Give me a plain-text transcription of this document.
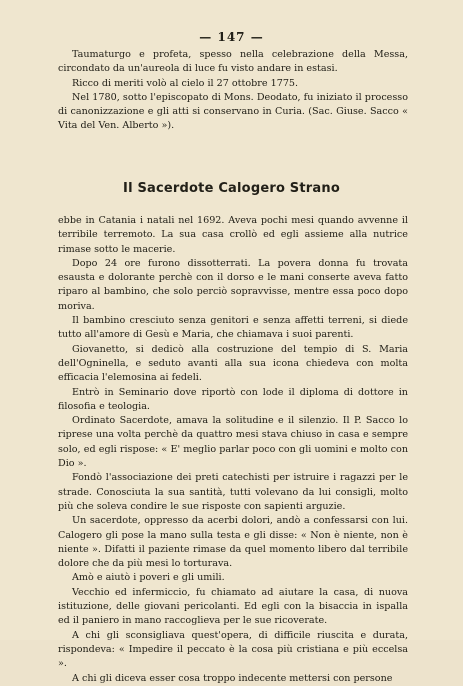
— 147 —

Taumaturgo e profeta, spesso nella celebrazione della Messa, circondato da un'aureola di luce fu visto andare in estasi.

Ricco di meriti volò al cielo il 27 ottobre 1775.

Nel 1780, sotto l'episcopato di Mons. Deodato, fu iniziato il processo di canonizzazione e gli atti si conservano in Curia. (Sac. Giuse. Sacco « Vita del Ven. Alberto »).

Il Sacerdote Calogero Strano

ebbe in Catania i natali nel 1692. Aveva pochi mesi quando avvenne il terribile terremoto. La sua casa crollò ed egli assieme alla nutrice rimase sotto le macerie.

Dopo 24 ore furono dissotterrati. La povera donna fu trovata esausta e dolorante perchè con il dorso e le mani conserte aveva fatto riparo al bambino, che solo perciò sopravvisse, mentre essa poco dopo moriva.

Il bambino cresciuto senza genitori e senza affetti terreni, si diede tutto all'amore di Gesù e Maria, che chiamava i suoi parenti.

Giovanetto, si dedicò alla costruzione del tempio di S. Maria dell'Ogninella, e seduto avanti alla sua icona chiedeva con molta efficacia l'elemosina ai fedeli.

Entrò in Seminario dove riportò con lode il diploma di dottore in filosofia e teologia.

Ordinato Sacerdote, amava la solitudine e il silenzio. Il P. Sacco lo riprese una volta perchè da quattro mesi stava chiuso in casa e sempre solo, ed egli rispose: « E' meglio parlar poco con gli uomini e molto con Dio ».

Fondò l'associazione dei preti catechisti per istruire i ragazzi per le strade. Conosciuta la sua santità, tutti volevano da lui consigli, molto più che soleva condire le sue risposte con sapienti arguzie.

Un sacerdote, oppresso da acerbi dolori, andò a confessarsi con lui. Calogero gli pose la mano sulla testa e gli disse: « Non è niente, non è niente ». Difatti il paziente rimase da quel momento libero dal terribile dolore che da più mesi lo torturava.

Amò e aiutò i poveri e gli umili.

Vecchio ed infermiccio, fu chiamato ad aiutare la casa, di nuova istituzione, delle giovani pericolanti. Ed egli con la bisaccia in ispalla ed il paniero in mano raccoglieva per le sue ricoverate.

A chi gli sconsigliava quest'opera, di difficile riuscita e durata, rispondeva: « Impedire il peccato è la cosa più cristiana e più eccelsa ».

A chi gli diceva esser cosa troppo indecente mettersi con persone
